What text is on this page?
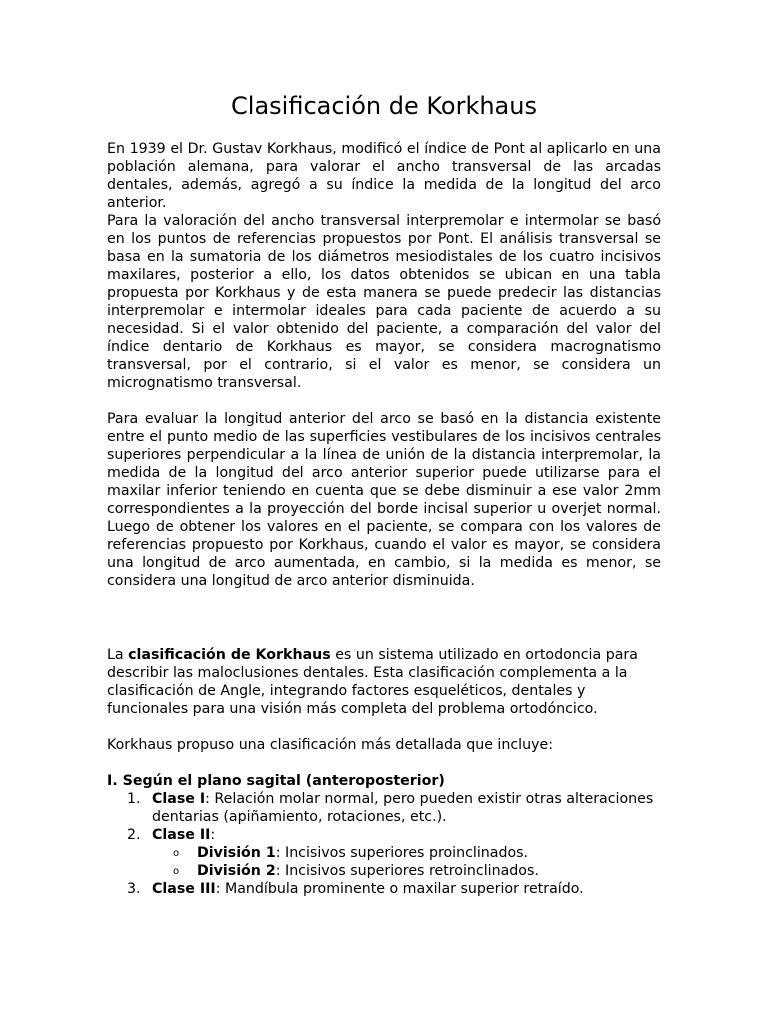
Clasificación de Korkhaus

En 1939 el Dr. Gustav Korkhaus, modificó el índice de Pont al aplicarlo en una población alemana, para valorar el ancho transversal de las arcadas dentales, además, agregó a su índice la medida de la longitud del arco anterior.

Para la valoración del ancho transversal interpremolar e intermolar se basó en los puntos de referencias propuestos por Pont. El análisis transversal se basa en la sumatoria de los diámetros mesiodistales de los cuatro incisivos maxilares, posterior a ello, los datos obtenidos se ubican en una tabla propuesta por Korkhaus y de esta manera se puede predecir las distancias interpremolar e intermolar ideales para cada paciente de acuerdo a su necesidad. Si el valor obtenido del paciente, a comparación del valor del índice dentario de Korkhaus es mayor, se considera macrognatismo transversal, por el contrario, si el valor es menor, se considera un micrognatismo transversal.

Para evaluar la longitud anterior del arco se basó en la distancia existente entre el punto medio de las superficies vestibulares de los incisivos centrales superiores perpendicular a la línea de unión de la distancia interpremolar, la medida de la longitud del arco anterior superior puede utilizarse para el maxilar inferior teniendo en cuenta que se debe disminuir a ese valor 2mm correspondientes a la proyección del borde incisal superior u overjet normal. Luego de obtener los valores en el paciente, se compara con los valores de referencias propuesto por Korkhaus, cuando el valor es mayor, se considera una longitud de arco aumentada, en cambio, si la medida es menor, se considera una longitud de arco anterior disminuida.

La clasificación de Korkhaus es un sistema utilizado en ortodoncia para describir las maloclusiones dentales. Esta clasificación complementa a la clasificación de Angle, integrando factores esqueléticos, dentales y funcionales para una visión más completa del problema ortodóncico.

Korkhaus propuso una clasificación más detallada que incluye:

I. Según el plano sagital (anteroposterior)

1. Clase I: Relación molar normal, pero pueden existir otras alteraciones dentarias (apiñamiento, rotaciones, etc.).
2. Clase II:
o División 1: Incisivos superiores proinclinados.
o División 2: Incisivos superiores retroinclinados.
3. Clase III: Mandíbula prominente o maxilar superior retraído.
